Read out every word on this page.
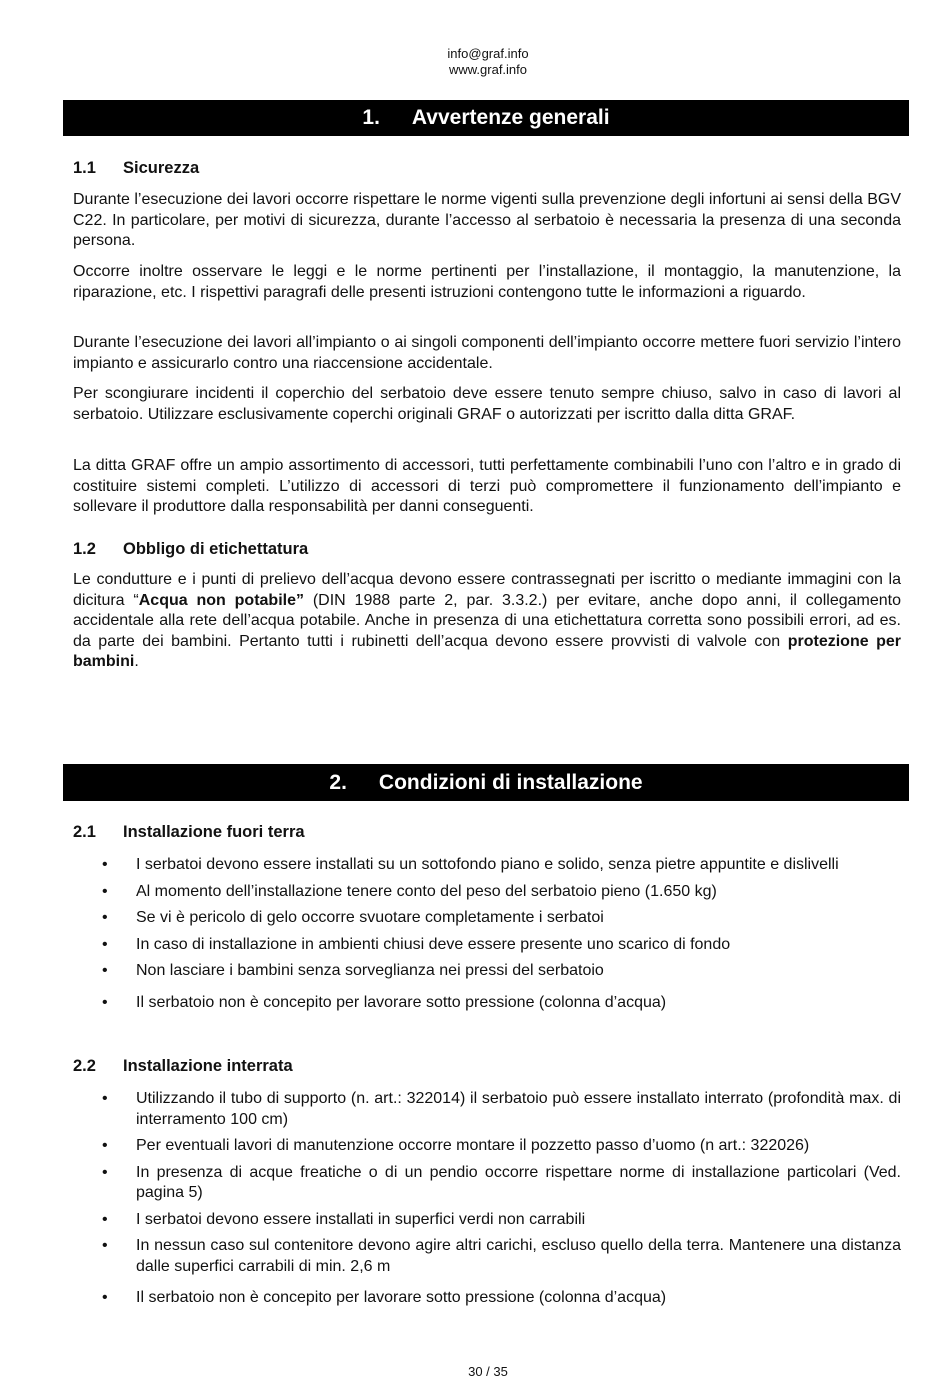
info@graf.info
www.graf.info
1. Avvertenze generali
1.1 Sicurezza

Durante l’esecuzione dei lavori occorre rispettare le norme vigenti sulla prevenzione degli infortuni ai sensi della BGV C22. In particolare, per motivi di sicurezza, durante l’accesso al serbatoio è necessaria la presenza di una seconda persona.

Occorre inoltre osservare le leggi e le norme pertinenti per l’installazione, il montaggio, la manutenzione, la riparazione, etc. I rispettivi paragrafi delle presenti istruzioni contengono tutte le informazioni a riguardo.

Durante l’esecuzione dei lavori all’impianto o ai singoli componenti dell’impianto occorre mettere fuori servizio l’intero impianto e assicurarlo contro una riaccensione accidentale.

Per scongiurare incidenti il coperchio del serbatoio deve essere tenuto sempre chiuso, salvo in caso di lavori al serbatoio. Utilizzare esclusivamente coperchi originali GRAF o autorizzati per iscritto dalla ditta GRAF.

La ditta GRAF offre un ampio assortimento di accessori, tutti perfettamente combinabili l’uno con l’altro e in grado di costituire sistemi completi. L’utilizzo di accessori di terzi può compromettere il funzionamento dell’impianto e sollevare il produttore dalla responsabilità per danni conseguenti.

1.2 Obbligo di etichettatura

Le condutture e i punti di prelievo dell’acqua devono essere contrassegnati per iscritto o mediante immagini con la dicitura “Acqua non potabile” (DIN 1988 parte 2, par. 3.3.2.) per evitare, anche dopo anni, il collegamento accidentale alla rete dell’acqua potabile. Anche in presenza di una etichettatura corretta sono possibili errori, ad es. da parte dei bambini. Pertanto tutti i rubinetti dell’acqua devono essere provvisti di valvole con protezione per bambini.

2. Condizioni di installazione
2.1 Installazione fuori terra
• I serbatoi devono essere installati su un sottofondo piano e solido, senza pietre appuntite e dislivelli
• Al momento dell’installazione tenere conto del peso del serbatoio pieno (1.650 kg)
• Se vi è pericolo di gelo occorre svuotare completamente i serbatoi
• In caso di installazione in ambienti chiusi deve essere presente uno scarico di fondo
• Non lasciare i bambini senza sorveglianza nei pressi del serbatoio
• Il serbatoio non è concepito per lavorare sotto pressione (colonna d’acqua)
2.2 Installazione interrata
• Utilizzando il tubo di supporto (n. art.: 322014) il serbatoio può essere installato interrato (profondità max. di interramento 100 cm)
• Per eventuali lavori di manutenzione occorre montare il pozzetto passo d’uomo (n art.: 322026)
• In presenza di acque freatiche o di un pendio occorre rispettare norme di installazione particolari (Ved. pagina 5)
• I serbatoi devono essere installati in superfici verdi non carrabili
• In nessun caso sul contenitore devono agire altri carichi, escluso quello della terra. Mantenere una distanza dalle superfici carrabili di min. 2,6 m
• Il serbatoio non è concepito per lavorare sotto pressione (colonna d’acqua)
30 / 35
